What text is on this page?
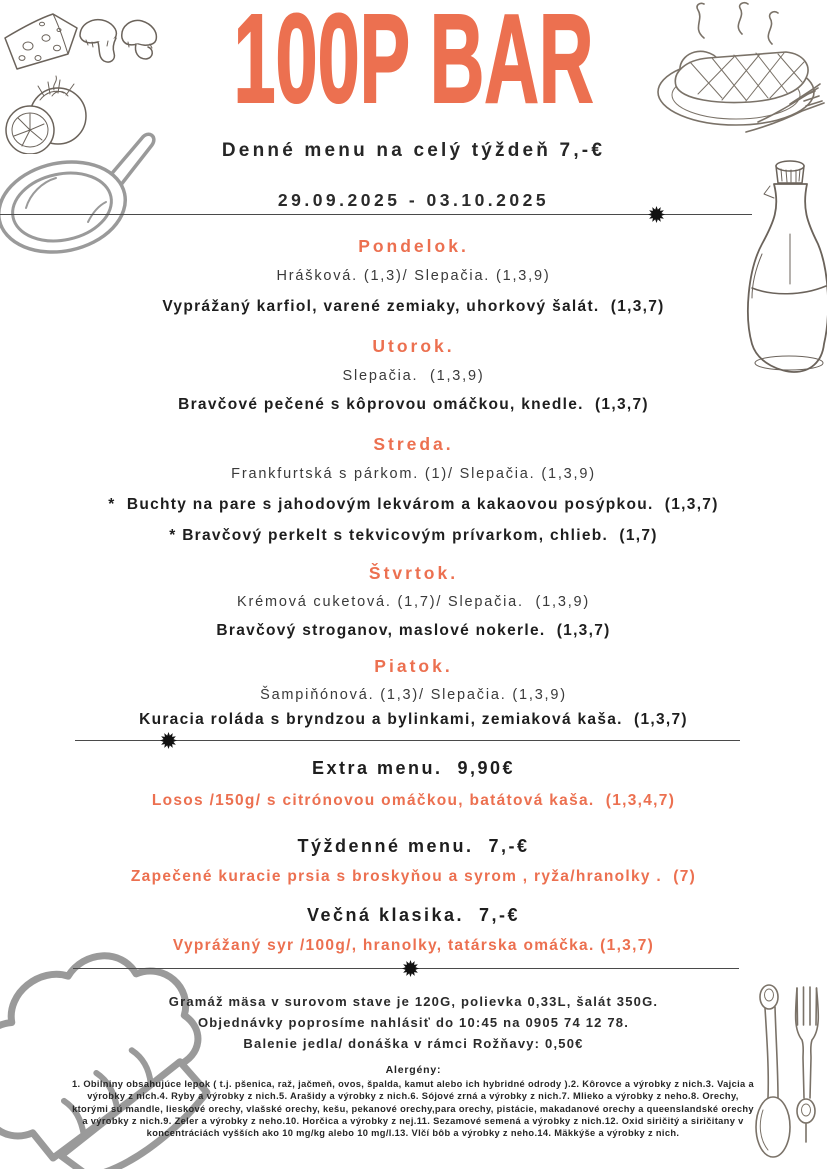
100P BAR
Denné menu na celý týždeň 7,-€
29.09.2025 - 03.10.2025
Pondelok.
Hrášková. (1,3)/ Slepačia. (1,3,9)
Vyprážaný karfiol, varené zemiaky, uhorkový šalát.  (1,3,7)
Utorok.
Slepačia.  (1,3,9)
Bravčové pečené s kôprovou omáčkou, knedle.  (1,3,7)
Streda.
Frankfurtská s párkom. (1)/ Slepačia. (1,3,9)
*  Buchty na pare s jahodovým lekvárom a kakaovou posýpkou.  (1,3,7)
* Bravčový perkelt s tekvicovým prívarkom, chlieb.  (1,7)
Štvrtok.
Krémová cuketová. (1,7)/ Slepačia.  (1,3,9)
Bravčový stroganov, maslové nokerle.  (1,3,7)
Piatok.
Šampiňónová. (1,3)/ Slepačia. (1,3,9)
Kuracia roláda s bryndzou a bylinkami, zemiaková kaša.  (1,3,7)
Extra menu.  9,90€
Losos /150g/ s citrónovou omáčkou, batátová kaša.  (1,3,4,7)
Týždenné menu.  7,-€
Zapečené kuracie prsia s broskyňou a syrom , ryža/hranolky .  (7)
Večná klasika.  7,-€
Vyprážaný syr /100g/, hranolky, tatárska omáčka. (1,3,7)
Gramáž mäsa v surovom stave je 120G, polievka 0,33L, šalát 350G.
Objednávky poprosíme nahlásiť do 10:45 na 0905 74 12 78.
Balenie jedla/ donáška v rámci Rožňavy: 0,50€
Alergény:
1. Obilniny obsahujúce lepok ( t.j. pšenica, raž, jačmeň, ovos, špalda, kamut alebo ich hybridné odrody ).2. Kôrovce a výrobky z nich.3. Vajcia a výrobky z nich.4. Ryby a výrobky z nich.5. Arašidy a výrobky z nich.6. Sójové zrná a výrobky z nich.7. Mlieko a výrobky z neho.8. Orechy, ktorými sú mandle, lieskové orechy, vlašské orechy, kešu, pekanové orechy,para orechy, pistácie, makadanové orechy a queenslandské orechy a výrobky z nich.9. Zeler a výrobky z neho.10. Horčica a výrobky z nej.11. Sezamové semená a výrobky z nich.12. Oxid siričitý a siričitany v koncentráciách vyšších ako 10 mg/kg alebo 10 mg/l.13. Vlčí bôb a výrobky z neho.14. Mäkkýše a výrobky z nich.
